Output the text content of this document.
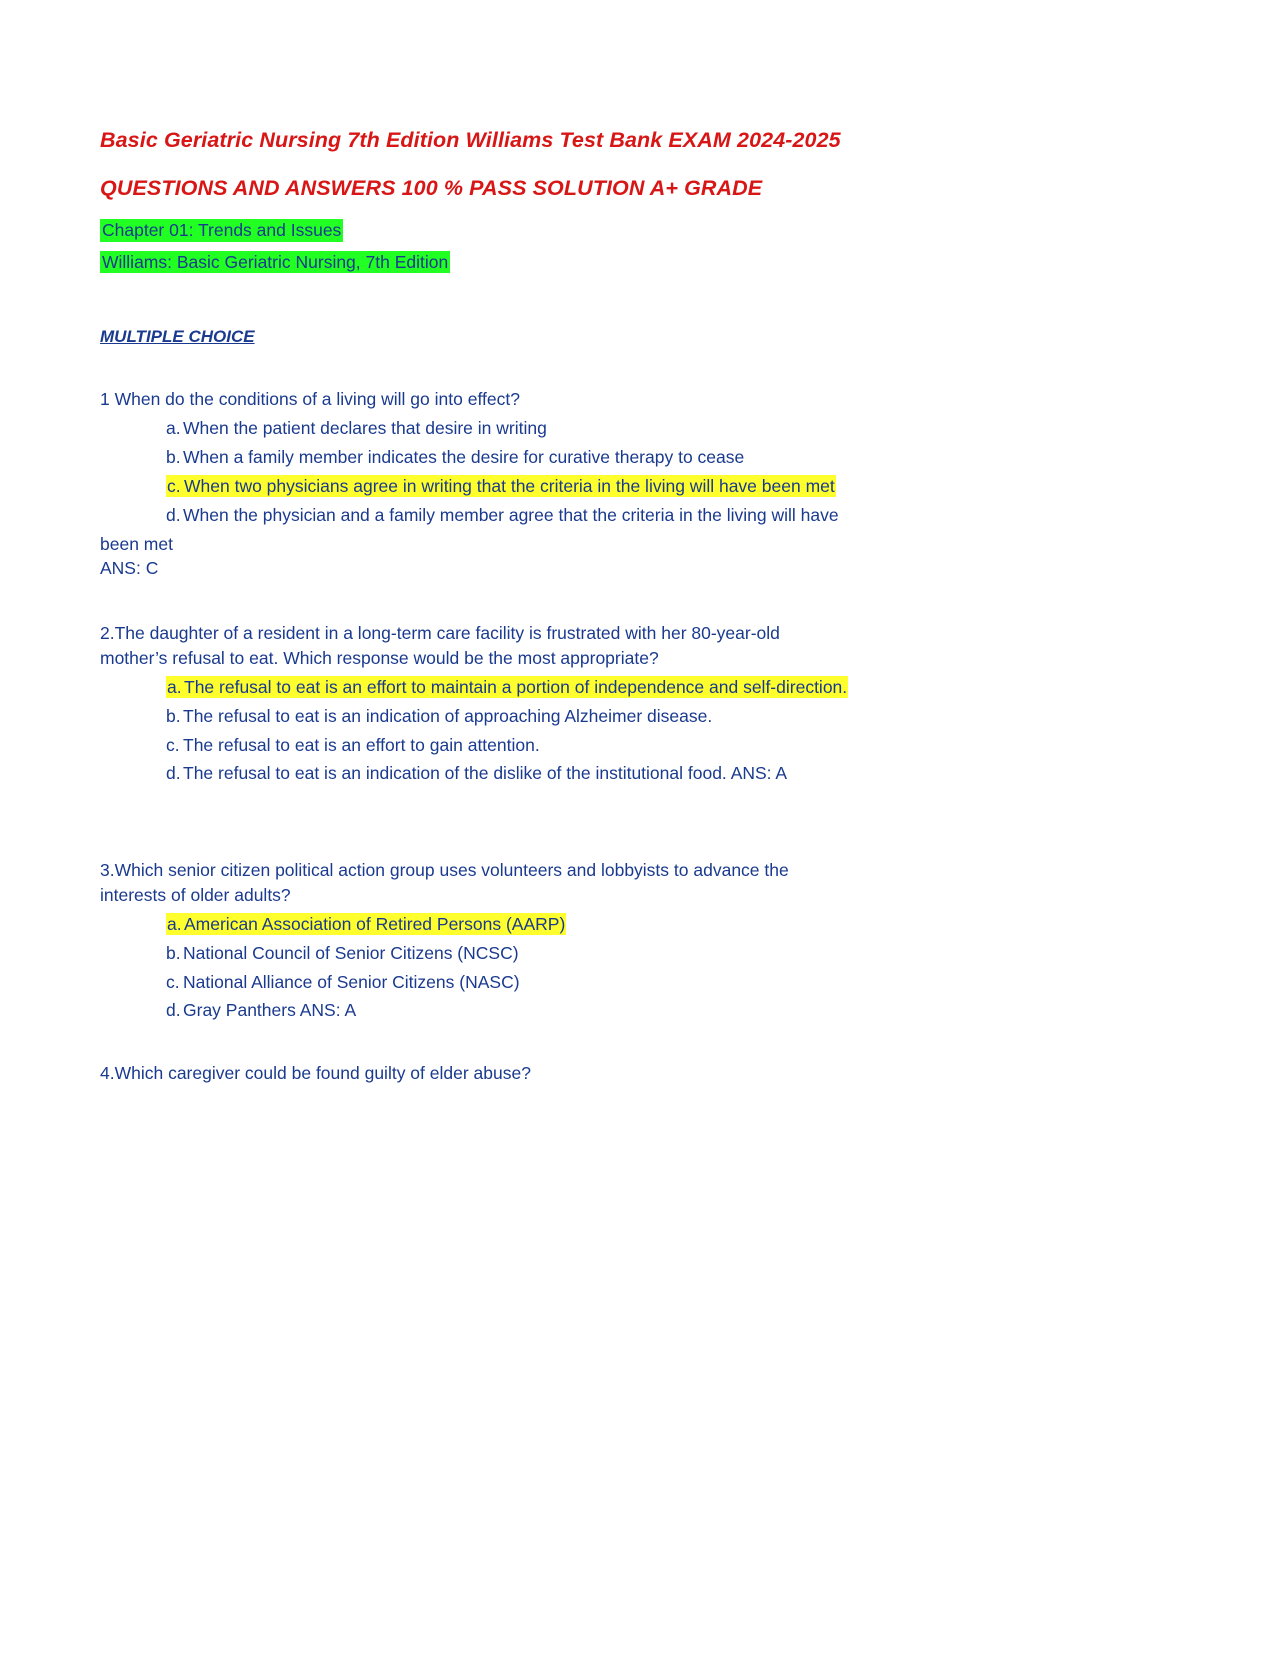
Basic Geriatric Nursing 7th Edition Williams Test Bank EXAM 2024-2025
QUESTIONS AND ANSWERS 100 % PASS SOLUTION A+ GRADE
Chapter 01: Trends and Issues
Williams: Basic Geriatric Nursing, 7th Edition
MULTIPLE CHOICE

1 When do the conditions of a living will go into effect?

a. When the patient declares that desire in writing

b. When a family member indicates the desire for curative therapy to cease

c. When two physicians agree in writing that the criteria in the living will have been met

d. When the physician and a family member agree that the criteria in the living will have

been met

ANS: C

2.The daughter of a resident in a long-term care facility is frustrated with her 80-year-old

mother’s refusal to eat. Which response would be the most appropriate?

a. The refusal to eat is an effort to maintain a portion of independence and self-direction.

b. The refusal to eat is an indication of approaching Alzheimer disease.

c. The refusal to eat is an effort to gain attention.

d. The refusal to eat is an indication of the dislike of the institutional food. ANS: A

3.Which senior citizen political action group uses volunteers and lobbyists to advance the

interests of older adults?

a. American Association of Retired Persons (AARP)

b. National Council of Senior Citizens (NCSC)

c. National Alliance of Senior Citizens (NASC)

d. Gray Panthers ANS: A

4.Which caregiver could be found guilty of elder abuse?
